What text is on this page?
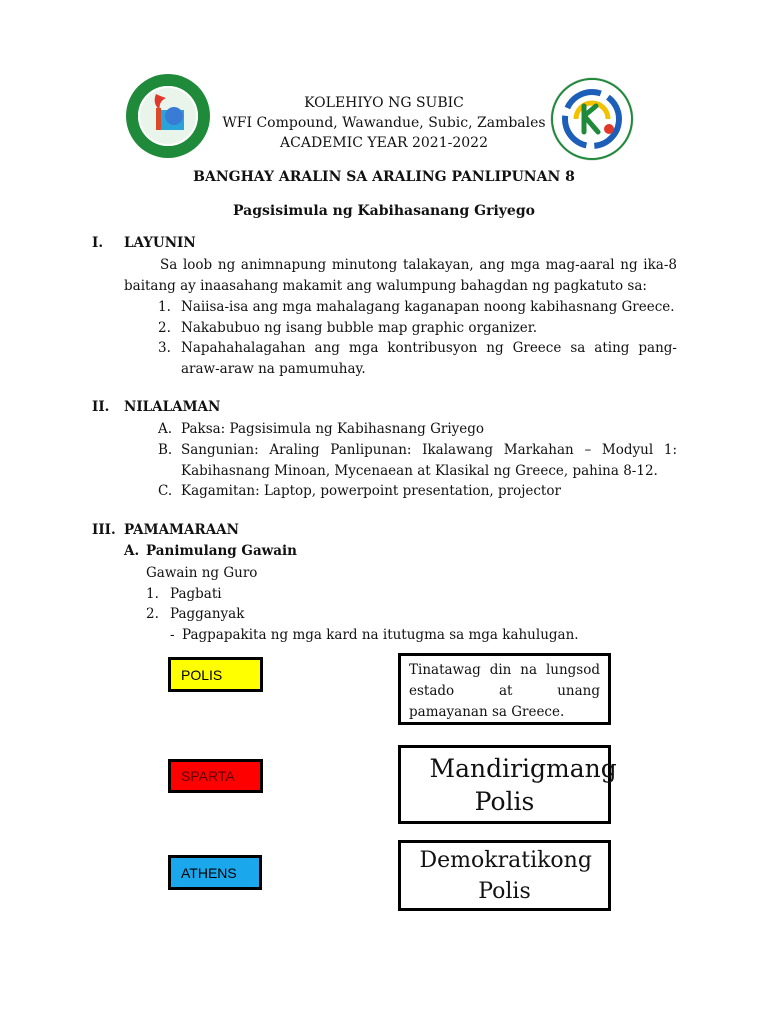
KOLEHIYO NG SUBIC
WFI Compound, Wawandue, Subic, Zambales
ACADEMIC YEAR 2021-2022
BANGHAY ARALIN SA ARALING PANLIPUNAN 8
Pagsisimula ng Kabihasanang Griyego
I. LAYUNIN
Sa loob ng animnapung minutong talakayan, ang mga mag-aaral ng ika-8 baitang ay inaasahang makamit ang walumpung bahagdan ng pagkatuto sa:
1. Naiisa-isa ang mga mahalagang kaganapan noong kabihasnang Greece.
2. Nakabubuo ng isang bubble map graphic organizer.
3. Napahahalagahan ang mga kontribusyon ng Greece sa ating pang-araw-araw na pamumuhay.
II. NILALAMAN
A. Paksa: Pagsisimula ng Kabihasnang Griyego
B. Sangunian: Araling Panlipunan: Ikalawang Markahan – Modyul 1: Kabihasnang Minoan, Mycenaean at Klasikal ng Greece, pahina 8-12.
C. Kagamitan: Laptop, powerpoint presentation, projector
III. PAMAMARAAN
A. Panimulang Gawain
Gawain ng Guro
1. Pagbati
2. Pagganyak
- Pagpapakita ng mga kard na itutugma sa mga kahulugan.
POLIS
SPARTA
ATHENS
Tinatawag din na lungsod estado at unang pamayanan sa Greece.
Mandirigmang Polis
Demokratikong Polis
